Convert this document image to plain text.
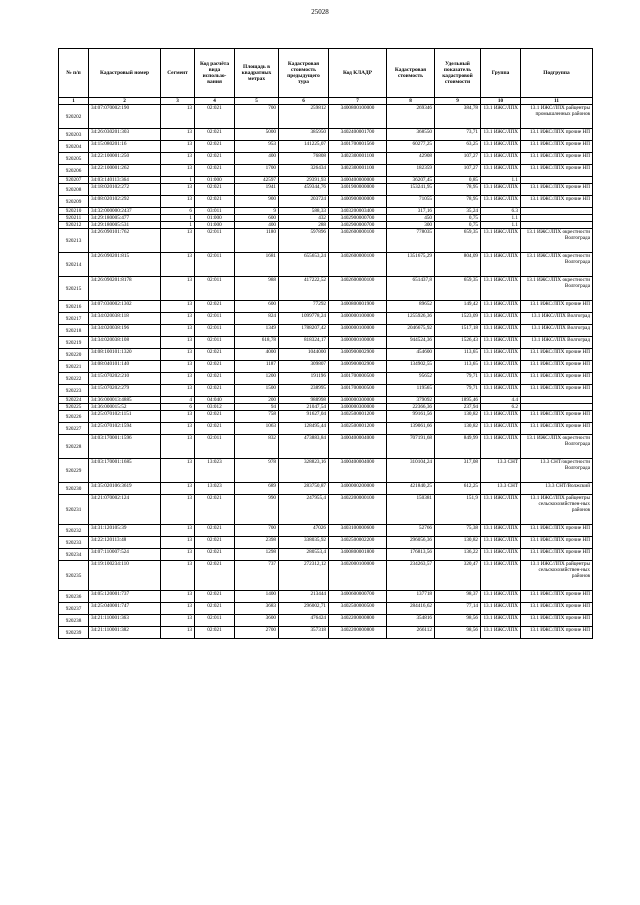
25028
№ п/п	Кадастровый номер	Сегмент	Код расчёта вида использо-вания	Площадь в квадратных метрах	Кадастровая стоимость предыдущего тура	Код КЛАДР	Кадастровая стоимость	Удельный показатель кадастровой стоимости	Группа	Подгруппа
1	2	3	4	5	6	7	8	9	10	11
920202	34:07:070002:190	13	02:021	700	259812	3400800100000	269346	384,78	13.1 ИЖС/ЛПХ	13.1 ИЖС/ЛПХ райцентры промышленных районов
920203	34:26:030201:303	13	02:021	5000	385950	3402400001700	368550	73,71	13.1 ИЖС/ЛПХ	13.1 ИЖС/ЛПХ прочие НП
920204	34:15:080201:16	13	02:021	953	141225,07	3401700001560	60277,25	63,25	13.1 ИЖС/ЛПХ	13.1 ИЖС/ЛПХ прочие НП
920205	34:22:100001:250	13	02:021	400	76808	3402300001100	42908	107,27	13.1 ИЖС/ЛПХ	13.1 ИЖС/ЛПХ прочие НП
920206	34:22:100001:262	13	02:021	1700	326434	3402300001100	182359	107,27	13.1 ИЖС/ЛПХ	13.1 ИЖС/ЛПХ прочие НП
920207	34:03:140113:364	1	01:000	42597	29391,93	3400400000000	36207,45	0,85	1.1	
920208	34:18:020102:272	13	02:021	1941	459344,76	3401900000000	153241,95	78,95	13.1 ИЖС/ЛПХ	13.1 ИЖС/ЛПХ прочие НП
920209	34:08:020102:292	13	02:021	900	203724	3400900000000	71055	78,95	13.1 ИЖС/ЛПХ	13.1 ИЖС/ЛПХ прочие НП
920210	34:32:000000:2437	6	03:011	9	588,33	3403200003400	317,16	35,24	6.3	
920211	34:29:180005:477	1	01:000	600	432	3402900000700	450	0,75	1.1	
920212	34:29:180005:531	1	01:000	400	288	3402900000700	300	0,75	1.1	
920213	34:26:090101:762	13	02:011	1180	597896	3402600000100	778035	659,35	13.1 ИЖС/ЛПХ	13.1 ИЖС/ЛПХ окрестности Волгограда
920214	34:26:090201:815	13	02:011	1681	655653,24	3402600000100	1351675,29	804,09	13.1 ИЖС/ЛПХ	13.1 ИЖС/ЛПХ окрестности Волгограда
920215	34:26:090201:8178	13	02:011	988	417222,52	3402600000100	651437,8	659,35	13.1 ИЖС/ЛПХ	13.1 ИЖС/ЛПХ окрестности Волгограда
920216	34:07:030002:1302	13	02:021	600	77292	3400800001900	89652	149,42	13.1 ИЖС/ЛПХ	13.1 ИЖС/ЛПХ прочие НП
920217	34:34:020038:118	13	02:011	824	1099778,24	3400000100000	1255926,36	1523,09	13.1 ИЖС/ЛПХ	13.1 ИЖС/ЛПХ Волгоград
920218	34:34:020038:196	13	02:011	1349	1788207,42	3400000100000	2046675,92	1517,18	13.1 ИЖС/ЛПХ	13.1 ИЖС/ЛПХ Волгоград
920219	34:34:020038:108	13	02:011	618,78	818324,17	3400000100000	944524,36	1526,43	13.1 ИЖС/ЛПХ	13.1 ИЖС/ЛПХ Волгоград
920220	34:08:100101:1320	13	02:021	4000	1044000	3400900002900	454600	113,65	13.1 ИЖС/ЛПХ	13.1 ИЖС/ЛПХ прочие НП
920221	34:08:040101:140	13	02:021	1187	309807	3400900002900	134902,55	113,65	13.1 ИЖС/ЛПХ	13.1 ИЖС/ЛПХ прочие НП
920222	34:15:070202:210	13	02:021	1200	191196	3401700000500	95652	79,71	13.1 ИЖС/ЛПХ	13.1 ИЖС/ЛПХ прочие НП
920223	34:15:070202:279	13	02:021	1500	238995	3401700000500	119565	79,71	13.1 ИЖС/ЛПХ	13.1 ИЖС/ЛПХ прочие НП
920224	34:36:000013:4885	4	04:040	200	988998	3400000300000	379092	1895,46	4.4	
920225	34:36:000015:52	6	03:012	94	21047,54	3400000300000	22366,36	237,94	6.2	
920226	34:25:070102:1151	13	02:021	758	91627,04	3402500001200	99161,56	130,82	13.1 ИЖС/ЛПХ	13.1 ИЖС/ЛПХ прочие НП
920227	34:25:070102:1594	13	02:021	1063	128495,44	3402500001200	139061,66	130,82	13.1 ИЖС/ЛПХ	13.1 ИЖС/ЛПХ прочие НП
920228	34:03:170001:1596	13	02:011	832	473883,84	3400400004000	707191,68	849,99	13.1 ИЖС/ЛПХ	13.1 ИЖС/ЛПХ окрестности Волгограда
920229	34:03:170001:1685	13	13:023	978	328823,16	3400400004000	310104,24	317,08	13.3 СНТ	13.3 СНТ/окрестности Волгограда
920230	34:35:020106:3619	13	13:023	689	283750,87	3400000200000	421840,25	612,25	13.3 СНТ	13.3 СНТ/Волжский
920231	34:21:070002:124	13	02:021	990	247955,4	3402200000100	150381	151,9	13.1 ИЖС/ЛПХ	13.1 ИЖС/ЛПХ райцентры сельскохозяйствен-ных районов
920232	34:31:120105:39	13	02:021	700	47026	3403100000600	52766	75,38	13.1 ИЖС/ЛПХ	13.1 ИЖС/ЛПХ прочие НП
920233	34:22:120113:48	13	02:021	2398	338035,92	3402500002200	296056,36	130,82	13.1 ИЖС/ЛПХ	13.1 ИЖС/ЛПХ прочие НП
920234	34:07:110007:524	13	02:021	1298	280553,4	3400800001800	176813,56	136,22	13.1 ИЖС/ЛПХ	13.1 ИЖС/ЛПХ прочие НП
920235	34:19:100234:110	13	02:021	737	272312,12	3402000100000	234263,57	320,47	13.1 ИЖС/ЛПХ	13.1 ИЖС/ЛПХ райцентры сельскохозяйствен-ных районов
920236	34:05:120001:737	13	02:021	1400	213444	3400600000700	137718	98,37	13.1 ИЖС/ЛПХ	13.1 ИЖС/ЛПХ прочие НП
920237	34:25:040001:747	13	02:021	3683	296002,71	3402500000500	284416,62	77,14	13.1 ИЖС/ЛПХ	13.1 ИЖС/ЛПХ прочие НП
920238	34:21:110001:363	13	02:011	3600	476424	3402200000800	354816	98,56	13.1 ИЖС/ЛПХ	13.1 ИЖС/ЛПХ прочие НП
920239	34:21:110001:382	13	02:021	2700	357318	3402200000800	266112	98,56	13.1 ИЖС/ЛПХ	13.1 ИЖС/ЛПХ прочие НП
